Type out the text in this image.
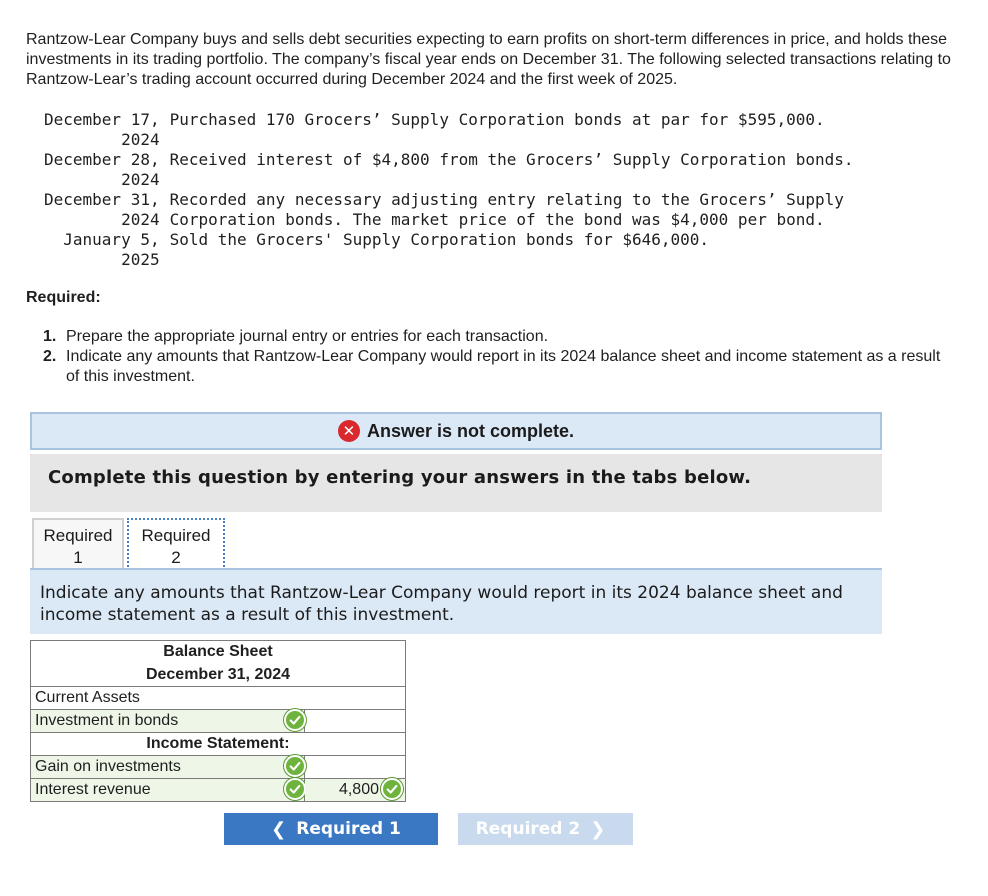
Rantzow-Lear Company buys and sells debt securities expecting to earn profits on short-term differences in price, and holds these investments in its trading portfolio. The company’s fiscal year ends on December 31. The following selected transactions relating to Rantzow-Lear’s trading account occurred during December 2024 and the first week of 2025.

December 17,
2024	Purchased 170 Grocers’ Supply Corporation bonds at par for $595,000.
December 28,
2024	Received interest of $4,800 from the Grocers’ Supply Corporation bonds.
December 31,
2024	Recorded any necessary adjusting entry relating to the Grocers’ Supply Corporation bonds. The market price of the bond was $4,000 per bond.
January 5,
2025	Sold the Grocers' Supply Corporation bonds for $646,000.

Required:

1. Prepare the appropriate journal entry or entries for each transaction.
2. Indicate any amounts that Rantzow-Lear Company would report in its 2024 balance sheet and income statement as a result of this investment.
✕ Answer is not complete.
Complete this question by entering your answers in the tabs below.
Required
1
Required
2
Indicate any amounts that Rantzow-Lear Company would report in its 2024 balance sheet and income statement as a result of this investment.
Balance Sheet	
December 31, 2024	
Current Assets	
Investment in bonds

Income Statement:	
Gain on investments

Interest revenue	4,800
❮ Required 1	Required 2 ❯
